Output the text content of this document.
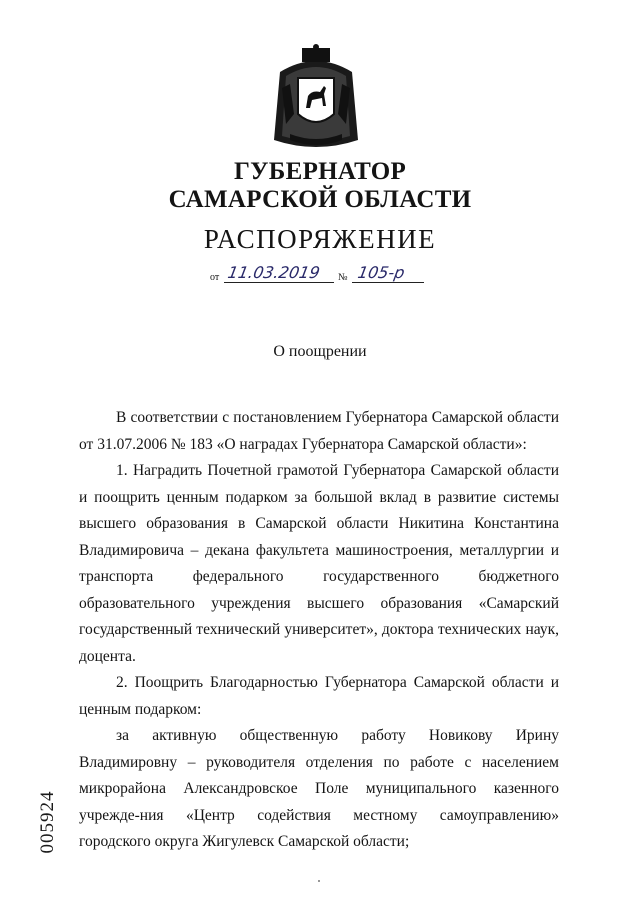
ГУБЕРНАТОР
САМАРСКОЙ ОБЛАСТИ
РАСПОРЯЖЕНИЕ
от 11.03.2019 № 105-р
О поощрении

В соответствии с постановлением Губернатора Самарской области от 31.07.2006 № 183 «О наградах Губернатора Самарской области»:

1. Наградить Почетной грамотой Губернатора Самарской области и поощрить ценным подарком за большой вклад в развитие системы высшего образования в Самарской области Никитина Константина Владимировича – декана факультета машиностроения, металлургии и транспорта федерального государственного бюджетного образовательного учреждения высшего образования «Самарский государственный технический университет», доктора технических наук, доцента.

2. Поощрить Благодарностью Губернатора Самарской области и ценным подарком:

за активную общественную работу Новикову Ирину Владимировну – руководителя отделения по работе с населением микрорайона Александровское Поле муниципального казенного учрежде-ния «Центр содействия местному самоуправлению» городского округа Жигулевск Самарской области;

005924
